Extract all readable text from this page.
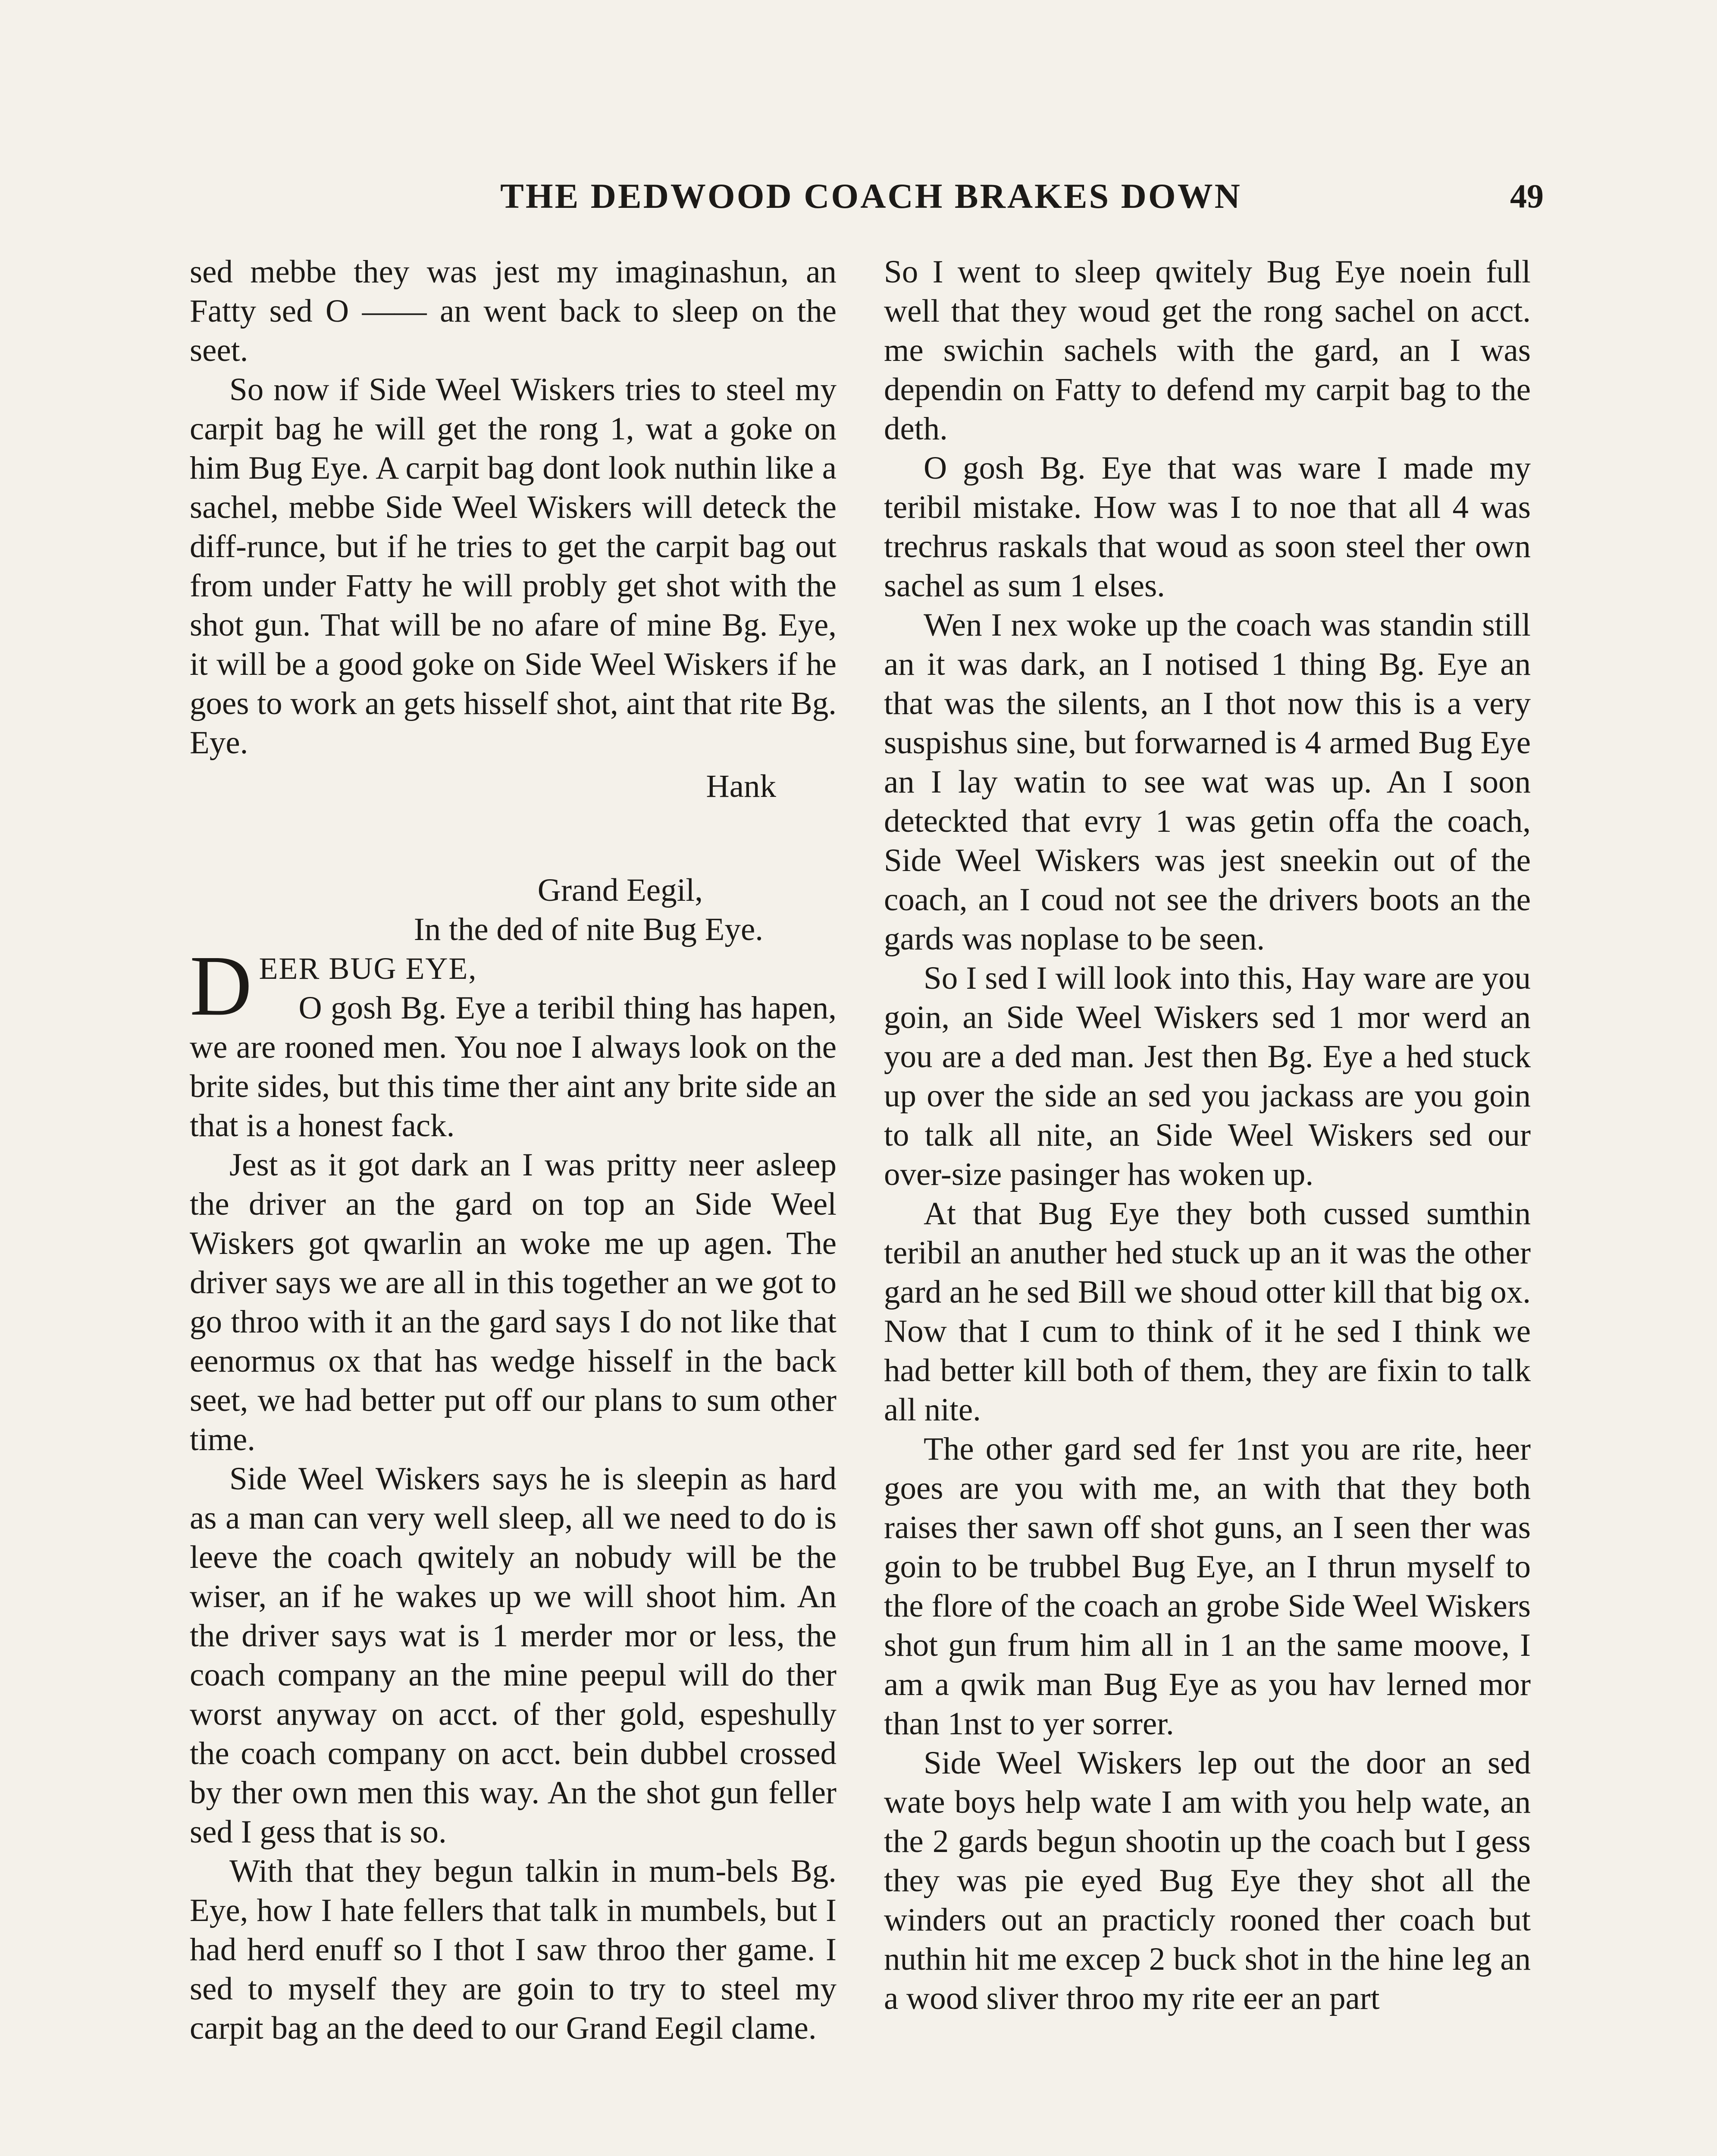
THE DEDWOOD COACH BRAKES DOWN	49

sed mebbe they was jest my imaginashun, an Fatty sed O —— an went back to sleep on the seet.

So now if Side Weel Wiskers tries to steel my carpit bag he will get the rong 1, wat a goke on him Bug Eye. A carpit bag dont look nuthin like a sachel, mebbe Side Weel Wiskers will deteck the diff-runce, but if he tries to get the carpit bag out from under Fatty he will probly get shot with the shot gun. That will be no afare of mine Bg. Eye, it will be a good goke on Side Weel Wiskers if he goes to work an gets hisself shot, aint that rite Bg. Eye.

Hank
Grand Eegil,
In the ded of nite Bug Eye.
D EER BUG EYE,

O gosh Bg. Eye a teribil thing has hapen, we are rooned men. You noe I always look on the brite sides, but this time ther aint any brite side an that is a honest fack.

Jest as it got dark an I was pritty neer asleep the driver an the gard on top an Side Weel Wiskers got qwarlin an woke me up agen. The driver says we are all in this together an we got to go throo with it an the gard says I do not like that eenormus ox that has wedge hisself in the back seet, we had better put off our plans to sum other time.

Side Weel Wiskers says he is sleepin as hard as a man can very well sleep, all we need to do is leeve the coach qwitely an nobudy will be the wiser, an if he wakes up we will shoot him. An the driver says wat is 1 merder mor or less, the coach company an the mine peepul will do ther worst anyway on acct. of ther gold, espeshully the coach company on acct. bein dubbel crossed by ther own men this way. An the shot gun feller sed I gess that is so.

With that they begun talkin in mum-bels Bg. Eye, how I hate fellers that talk in mumbels, but I had herd enuff so I thot I saw throo ther game. I sed to myself they are goin to try to steel my carpit bag an the deed to our Grand Eegil clame.

So I went to sleep qwitely Bug Eye noein full well that they woud get the rong sachel on acct. me swichin sachels with the gard, an I was dependin on Fatty to defend my carpit bag to the deth.

O gosh Bg. Eye that was ware I made my teribil mistake. How was I to noe that all 4 was trechrus raskals that woud as soon steel ther own sachel as sum 1 elses.

Wen I nex woke up the coach was standin still an it was dark, an I notised 1 thing Bg. Eye an that was the silents, an I thot now this is a very suspishus sine, but forwarned is 4 armed Bug Eye an I lay watin to see wat was up. An I soon deteckted that evry 1 was getin offa the coach, Side Weel Wiskers was jest sneekin out of the coach, an I coud not see the drivers boots an the gards was noplase to be seen.

So I sed I will look into this, Hay ware are you goin, an Side Weel Wiskers sed 1 mor werd an you are a ded man. Jest then Bg. Eye a hed stuck up over the side an sed you jackass are you goin to talk all nite, an Side Weel Wiskers sed our over-size pasinger has woken up.

At that Bug Eye they both cussed sumthin teribil an anuther hed stuck up an it was the other gard an he sed Bill we shoud otter kill that big ox. Now that I cum to think of it he sed I think we had better kill both of them, they are fixin to talk all nite.

The other gard sed fer 1nst you are rite, heer goes are you with me, an with that they both raises ther sawn off shot guns, an I seen ther was goin to be trubbel Bug Eye, an I thrun myself to the flore of the coach an grobe Side Weel Wiskers shot gun frum him all in 1 an the same moove, I am a qwik man Bug Eye as you hav lerned mor than 1nst to yer sorrer.

Side Weel Wiskers lep out the door an sed wate boys help wate I am with you help wate, an the 2 gards begun shootin up the coach but I gess they was pie eyed Bug Eye they shot all the winders out an practicly rooned ther coach but nuthin hit me excep 2 buck shot in the hine leg an a wood sliver throo my rite eer an part
